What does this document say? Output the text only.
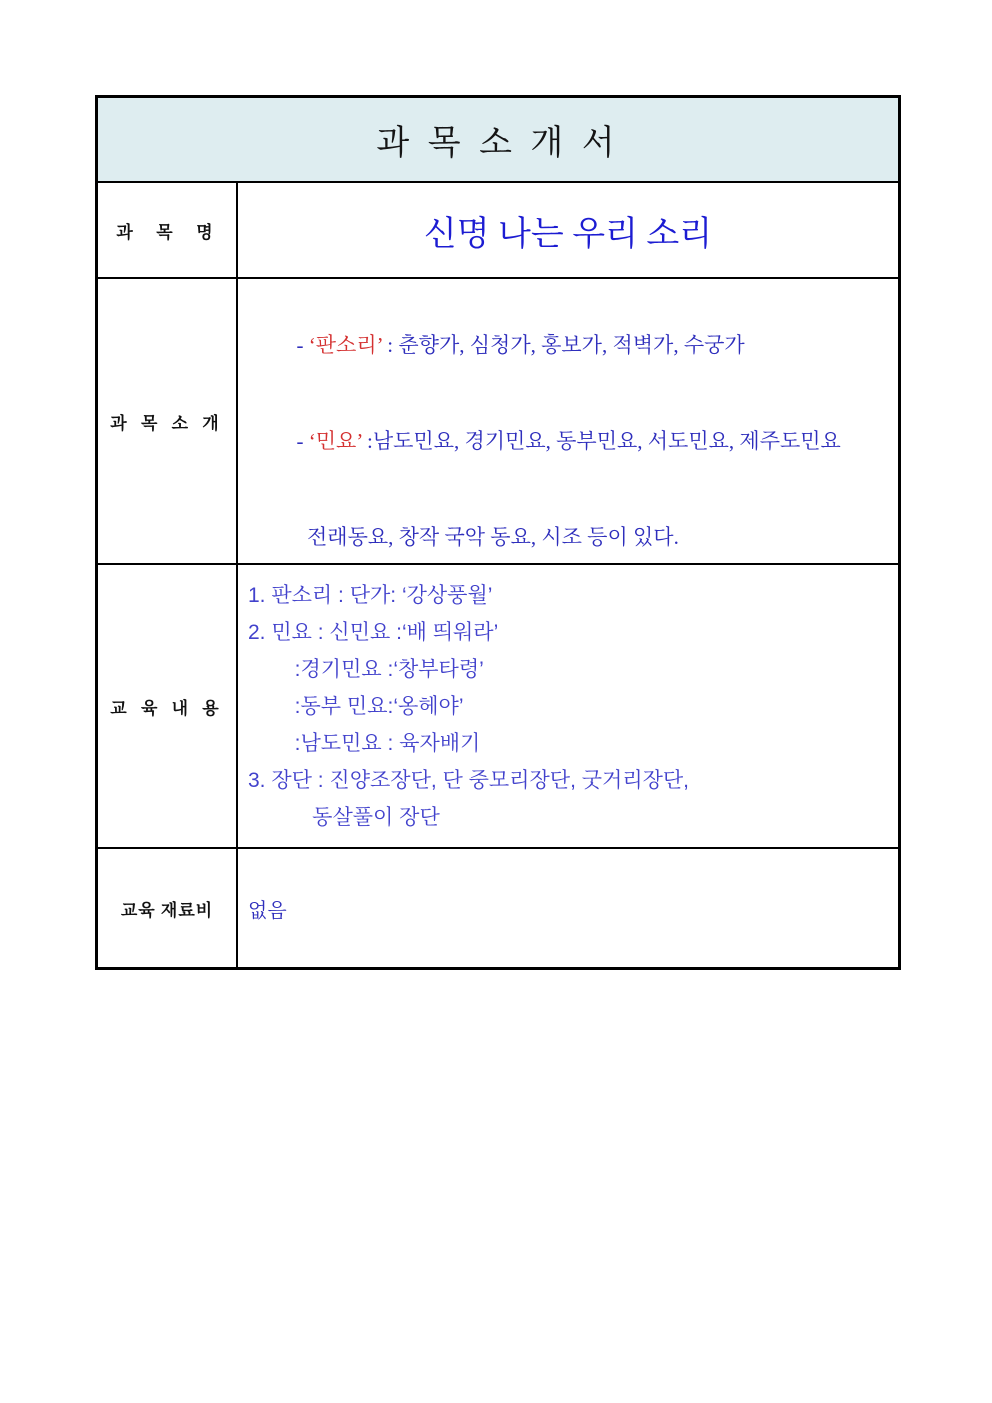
과 목 소 개 서
과  목  명	신명 나는 우리 소리
과 목 소 개

- ‘판소리’ : 춘향가, 심청가, 홍보가, 적벽가, 수궁가

- ‘민요’ :남도민요, 경기민요, 동부민요, 서도민요, 제주도민요

전래동요, 창작 국악 동요, 시조 등이 있다.

교 육 내 용
1. 판소리 : 단가: ‘강상풍월’
2. 민요 : 신민요 :‘배 띄워라’
:경기민요 :‘창부타령’
:동부 민요:‘옹헤야’
:남도민요 : 육자배기
3. 장단 : 진양조장단, 단 중모리장단, 굿거리장단,
동살풀이 장단
교육 재료비	없음
